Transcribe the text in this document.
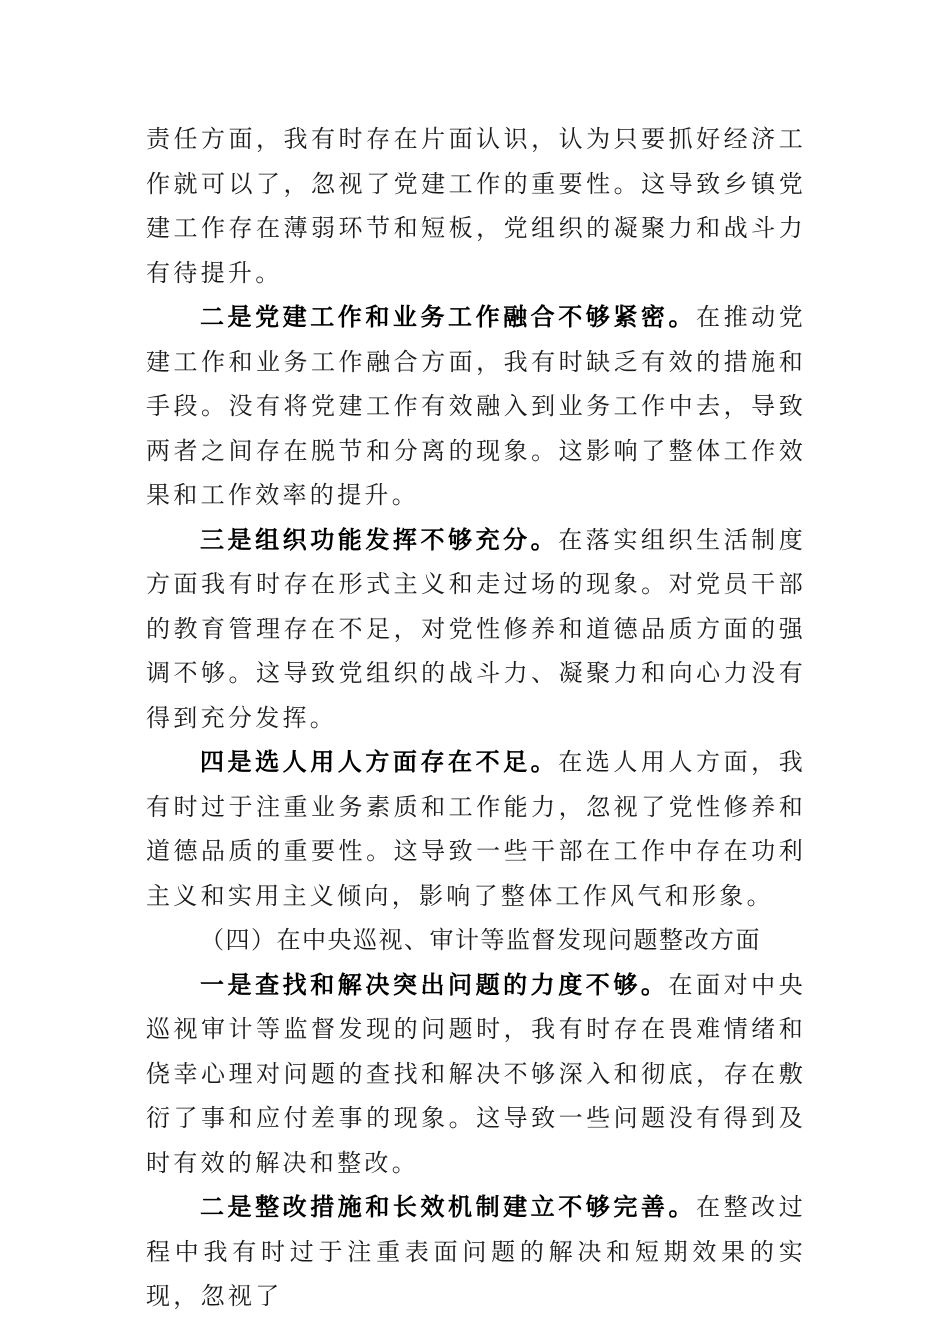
责任方面，我有时存在片面认识，认为只要抓好经济工作就可以了，忽视了党建工作的重要性。这导致乡镇党建工作存在薄弱环节和短板，党组织的凝聚力和战斗力有待提升。

二是党建工作和业务工作融合不够紧密。在推动党建工作和业务工作融合方面，我有时缺乏有效的措施和手段。没有将党建工作有效融入到业务工作中去，导致两者之间存在脱节和分离的现象。这影响了整体工作效果和工作效率的提升。

三是组织功能发挥不够充分。在落实组织生活制度方面我有时存在形式主义和走过场的现象。对党员干部的教育管理存在不足，对党性修养和道德品质方面的强调不够。这导致党组织的战斗力、凝聚力和向心力没有得到充分发挥。

四是选人用人方面存在不足。在选人用人方面，我有时过于注重业务素质和工作能力，忽视了党性修养和道德品质的重要性。这导致一些干部在工作中存在功利主义和实用主义倾向，影响了整体工作风气和形象。

（四）在中央巡视、审计等监督发现问题整改方面

一是查找和解决突出问题的力度不够。在面对中央巡视审计等监督发现的问题时，我有时存在畏难情绪和侥幸心理对问题的查找和解决不够深入和彻底，存在敷衍了事和应付差事的现象。这导致一些问题没有得到及时有效的解决和整改。

二是整改措施和长效机制建立不够完善。在整改过程中我有时过于注重表面问题的解决和短期效果的实现，忽视了
